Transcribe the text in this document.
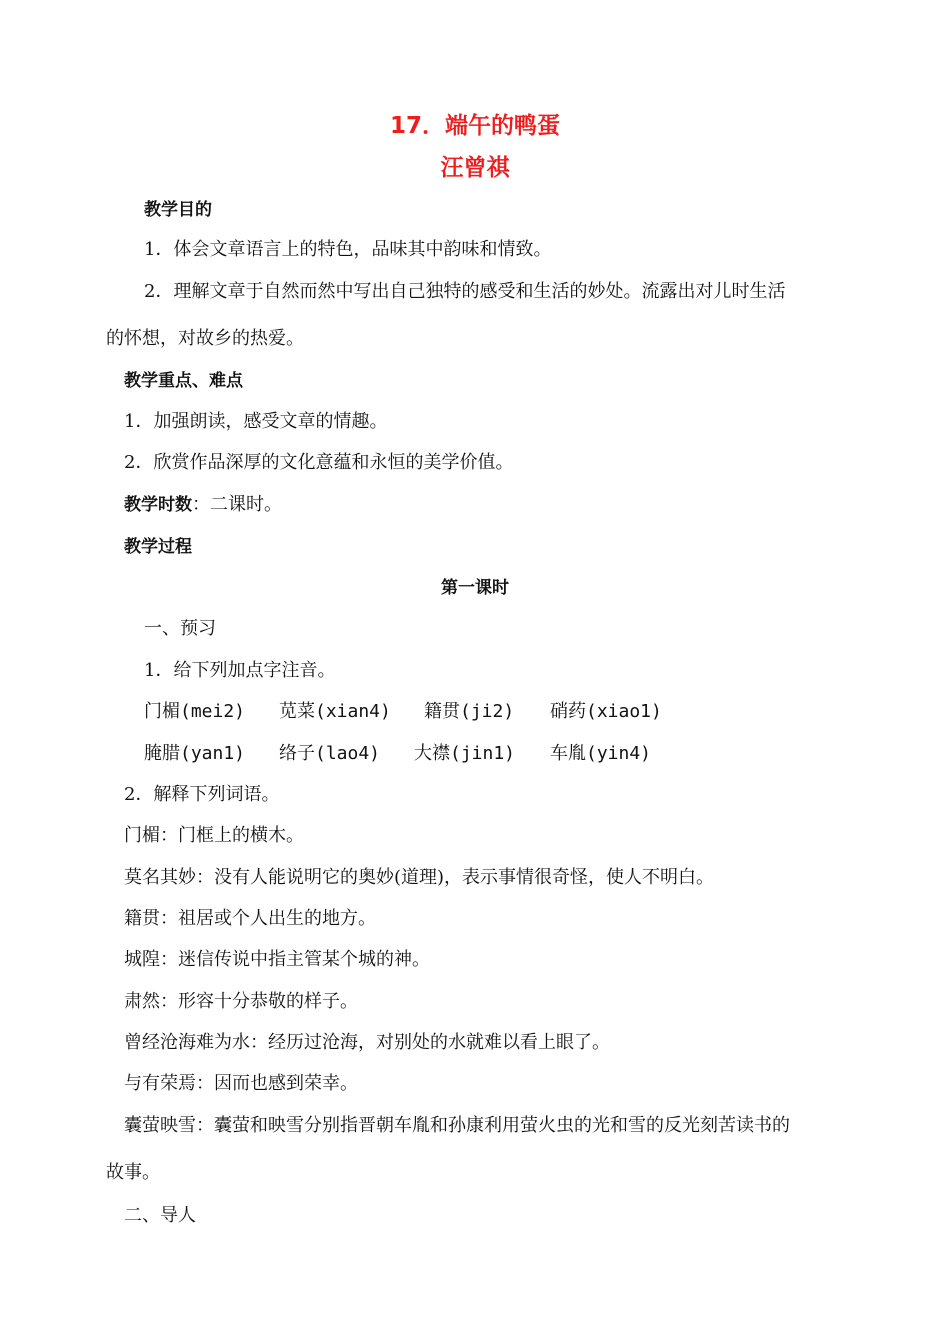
17．端午的鸭蛋
汪曾祺
教学目的
1．体会文章语言上的特色，品味其中韵味和情致。
2．理解文章于自然而然中写出自己独特的感受和生活的妙处。流露出对儿时生活
的怀想，对故乡的热爱。
教学重点、难点
1．加强朗读，感受文章的情趣。
2．欣赏作品深厚的文化意蕴和永恒的美学价值。
教学时数：二课时。
教学过程
第一课时
一、预习
1．给下列加点字注音。
门楣(mei2) 苋菜(xian4) 籍贯(ji2) 硝药(xiao1)
腌腊(yan1) 络子(lao4) 大襟(jin1) 车胤(yin4)
2．解释下列词语。
门楣：门框上的横木。
莫名其妙：没有人能说明它的奥妙(道理)，表示事情很奇怪，使人不明白。
籍贯：祖居或个人出生的地方。
城隍：迷信传说中指主管某个城的神。
肃然：形容十分恭敬的样子。
曾经沧海难为水：经历过沧海，对别处的水就难以看上眼了。
与有荣焉：因而也感到荣幸。
囊萤映雪：囊萤和映雪分别指晋朝车胤和孙康利用萤火虫的光和雪的反光刻苦读书的
故事。
二、导人
